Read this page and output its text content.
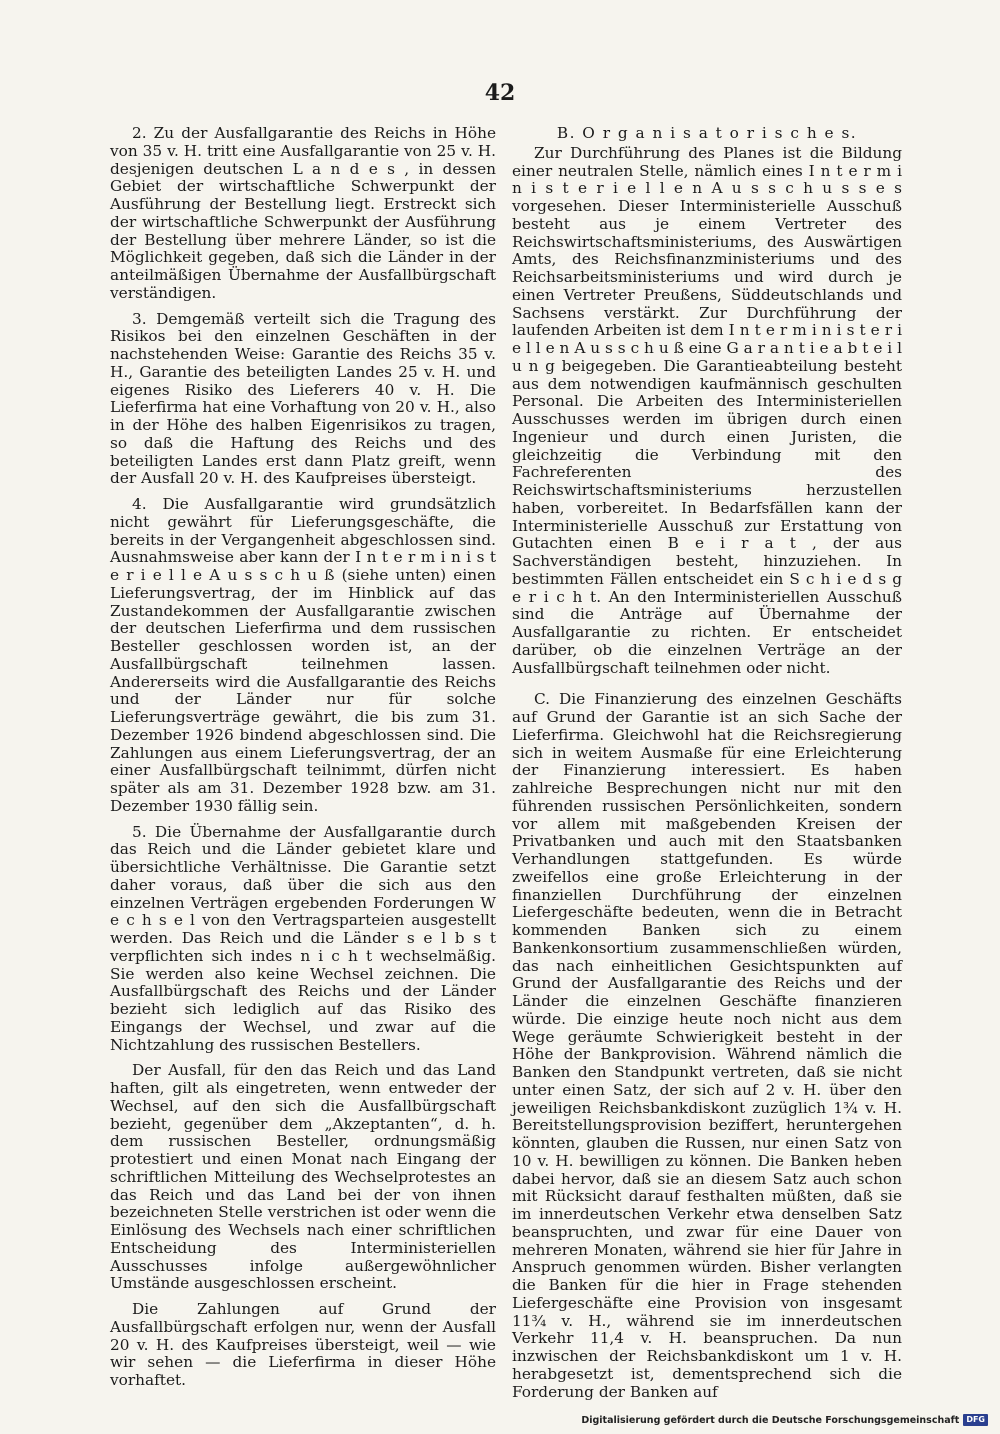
42

2. Zu der Ausfallgarantie des Reichs in Höhe von 35 v. H. tritt eine Ausfallgarantie von 25 v. H. desjenigen deutschen L a n d e s , in dessen Gebiet der wirtschaftliche Schwerpunkt der Ausführung der Bestellung liegt. Erstreckt sich der wirtschaftliche Schwerpunkt der Ausführung der Bestellung über mehrere Länder, so ist die Möglichkeit gegeben, daß sich die Länder in der anteilmäßigen Übernahme der Ausfallbürgschaft verständigen.

3. Demgemäß verteilt sich die Tragung des Risikos bei den einzelnen Geschäften in der nachstehenden Weise: Garantie des Reichs 35 v. H., Garantie des beteiligten Landes 25 v. H. und eigenes Risiko des Lieferers 40 v. H. Die Lieferfirma hat eine Vorhaftung von 20 v. H., also in der Höhe des halben Eigenrisikos zu tragen, so daß die Haftung des Reichs und des beteiligten Landes erst dann Platz greift, wenn der Ausfall 20 v. H. des Kaufpreises übersteigt.

4. Die Ausfallgarantie wird grundsätzlich nicht gewährt für Lieferungsgeschäfte, die bereits in der Vergangenheit abgeschlossen sind. Ausnahmsweise aber kann der I n t e r m i n i s t e r i e l l e A u s s c h u ß (siehe unten) einen Lieferungsvertrag, der im Hinblick auf das Zustandekommen der Ausfallgarantie zwischen der deutschen Lieferfirma und dem russischen Besteller geschlossen worden ist, an der Ausfallbürgschaft teilnehmen lassen. Andererseits wird die Ausfallgarantie des Reichs und der Länder nur für solche Lieferungsverträge gewährt, die bis zum 31. Dezember 1926 bindend abgeschlossen sind. Die Zahlungen aus einem Lieferungsvertrag, der an einer Ausfallbürgschaft teilnimmt, dürfen nicht später als am 31. Dezember 1928 bzw. am 31. Dezember 1930 fällig sein.

5. Die Übernahme der Ausfallgarantie durch das Reich und die Länder gebietet klare und übersichtliche Verhältnisse. Die Garantie setzt daher voraus, daß über die sich aus den einzelnen Verträgen ergebenden Forderungen W e c h s e l von den Vertragsparteien ausgestellt werden. Das Reich und die Länder s e l b s t verpflichten sich indes n i c h t wechselmäßig. Sie werden also keine Wechsel zeichnen. Die Ausfallbürgschaft des Reichs und der Länder bezieht sich lediglich auf das Risiko des Eingangs der Wechsel, und zwar auf die Nichtzahlung des russischen Bestellers.

Der Ausfall, für den das Reich und das Land haften, gilt als eingetreten, wenn entweder der Wechsel, auf den sich die Ausfallbürgschaft bezieht, gegenüber dem „Akzeptanten“, d. h. dem russischen Besteller, ordnungsmäßig protestiert und einen Monat nach Eingang der schriftlichen Mitteilung des Wechselprotestes an das Reich und das Land bei der von ihnen bezeichneten Stelle verstrichen ist oder wenn die Einlösung des Wechsels nach einer schriftlichen Entscheidung des Interministeriellen Ausschusses infolge außergewöhnlicher Umstände ausgeschlossen erscheint.

Die Zahlungen auf Grund der Ausfallbürgschaft erfolgen nur, wenn der Ausfall 20 v. H. des Kaufpreises übersteigt, weil — wie wir sehen — die Lieferfirma in dieser Höhe vorhaftet.

B. O r g a n i s a t o r i s c h e s.

Zur Durchführung des Planes ist die Bildung einer neutralen Stelle, nämlich eines I n t e r m i n i s t e r i e l l e n A u s s c h u s s e s vorgesehen. Dieser Interministerielle Ausschuß besteht aus je einem Vertreter des Reichswirtschaftsministeriums, des Auswärtigen Amts, des Reichsfinanzministeriums und des Reichsarbeitsministeriums und wird durch je einen Vertreter Preußens, Süddeutschlands und Sachsens verstärkt. Zur Durchführung der laufenden Arbeiten ist dem I n t e r m i n i s t e r i e l l e n A u s s c h u ß eine G a r a n t i e a b t e i l u n g beigegeben. Die Garantieabteilung besteht aus dem notwendigen kaufmännisch geschulten Personal. Die Arbeiten des Interministeriellen Ausschusses werden im übrigen durch einen Ingenieur und durch einen Juristen, die gleichzeitig die Verbindung mit den Fachreferenten des Reichswirtschaftsministeriums herzustellen haben, vorbereitet. In Bedarfsfällen kann der Interministerielle Ausschuß zur Erstattung von Gutachten einen B e i r a t , der aus Sachverständigen besteht, hinzuziehen. In bestimmten Fällen entscheidet ein S c h i e d s g e r i c h t. An den Interministeriellen Ausschuß sind die Anträge auf Übernahme der Ausfallgarantie zu richten. Er entscheidet darüber, ob die einzelnen Verträge an der Ausfallbürgschaft teilnehmen oder nicht.

C. Die Finanzierung des einzelnen Geschäfts auf Grund der Garantie ist an sich Sache der Lieferfirma. Gleichwohl hat die Reichsregierung sich in weitem Ausmaße für eine Erleichterung der Finanzierung interessiert. Es haben zahlreiche Besprechungen nicht nur mit den führenden russischen Persönlichkeiten, sondern vor allem mit maßgebenden Kreisen der Privatbanken und auch mit den Staatsbanken Verhandlungen stattgefunden. Es würde zweifellos eine große Erleichterung in der finanziellen Durchführung der einzelnen Liefergeschäfte bedeuten, wenn die in Betracht kommenden Banken sich zu einem Bankenkonsortium zusammenschließen würden, das nach einheitlichen Gesichtspunkten auf Grund der Ausfallgarantie des Reichs und der Länder die einzelnen Geschäfte finanzieren würde. Die einzige heute noch nicht aus dem Wege geräumte Schwierigkeit besteht in der Höhe der Bankprovision. Während nämlich die Banken den Standpunkt vertreten, daß sie nicht unter einen Satz, der sich auf 2 v. H. über den jeweiligen Reichsbankdiskont zuzüglich 1¾ v. H. Bereitstellungsprovision beziffert, heruntergehen könnten, glauben die Russen, nur einen Satz von 10 v. H. bewilligen zu können. Die Banken heben dabei hervor, daß sie an diesem Satz auch schon mit Rücksicht darauf festhalten müßten, daß sie im innerdeutschen Verkehr etwa denselben Satz beanspruchten, und zwar für eine Dauer von mehreren Monaten, während sie hier für Jahre in Anspruch genommen würden. Bisher verlangten die Banken für die hier in Frage stehenden Liefergeschäfte eine Provision von insgesamt 11¾ v. H., während sie im innerdeutschen Verkehr 11,4 v. H. beanspruchen. Da nun inzwischen der Reichsbankdiskont um 1 v. H. herabgesetzt ist, dementsprechend sich die Forderung der Banken auf

Digitalisierung gefördert durch die Deutsche Forschungsgemeinschaft DFG
